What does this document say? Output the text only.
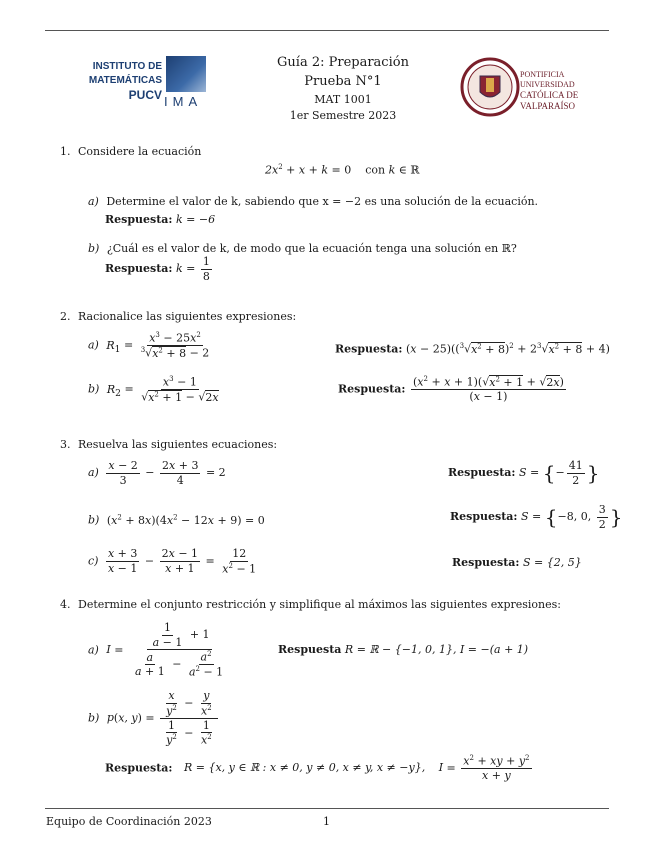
INSTITUTO DE
MATEMÁTICAS
PUCV IMA
Guía 2: Preparación
Prueba N°1
MAT 1001
1er Semestre 2023
PONTIFICIA
UNIVERSIDAD
CATÓLICA DE
VALPARAÍSO
1. Considere la ecuación
$2x^2 + x + k = 0$    con k ∈ ℝ
a) Determine el valor de k, sabiendo que x = −2 es una solución de la ecuación.
Respuesta: k = −6
b) ¿Cuál es el valor de k, de modo que la ecuación tenga una solución en ℝ?
Respuesta: $k = \frac{1}{8}$
2. Racionalice las siguientes expresiones:
a) $R_1 = \frac{x^3 - 25x^2}{^3√x^2 + 8 - 2}$	Respuesta: $(x - 25)((^3√x^2 + 8)^2 + 2^3√x^2 + 8 + 4)$
b) $R_2 = \frac{x^3 - 1}{√x^2 + 1 - √2x}$	Respuesta: $\frac{(x^2 + x + 1)(√x^2 + 1 + √2x)}{(x - 1)}$
3. Resuelva las siguientes ecuaciones:
$a) \frac{x - 2}{3} - \frac{2x + 3}{4} = 2$	Respuesta: S = {− $\frac{41}{2}$ }
b) $(x^2 + 8x)(4x^2 - 12x + 9) = 0$	Respuesta: S = {−8, 0, $\frac{3}{2}$ }
$c) \frac{x + 3}{x - 1} - \frac{2x - 1}{x + 1} = \frac{12}{x^2 - 1}$	Respuesta: S = {2, 5}
4. Determine el conjunto restricción y simplifique al máximos las siguientes expresiones:
a) $I = \frac{\frac{1}{a - 1} + 1}{\frac{a}{a + 1} - \frac{a^2}{a^2 - 1}}$	Respuesta R = ℝ − {−1, 0, 1}, I = −(a + 1)
b) p(x, $y) = \frac{\frac{x}{y^2} - \frac{y}{x^2}}{\frac{1}{y^2} - \frac{1}{x^2}}$
Respuesta: R = {x, y ∈ ℝ : x ≠ 0, y ≠ 0, x ≠ y, x ≠ −y}, $I = \frac{x^2 + xy + y^2}{x + y}$
Equipo de Coordinación 2023	1
